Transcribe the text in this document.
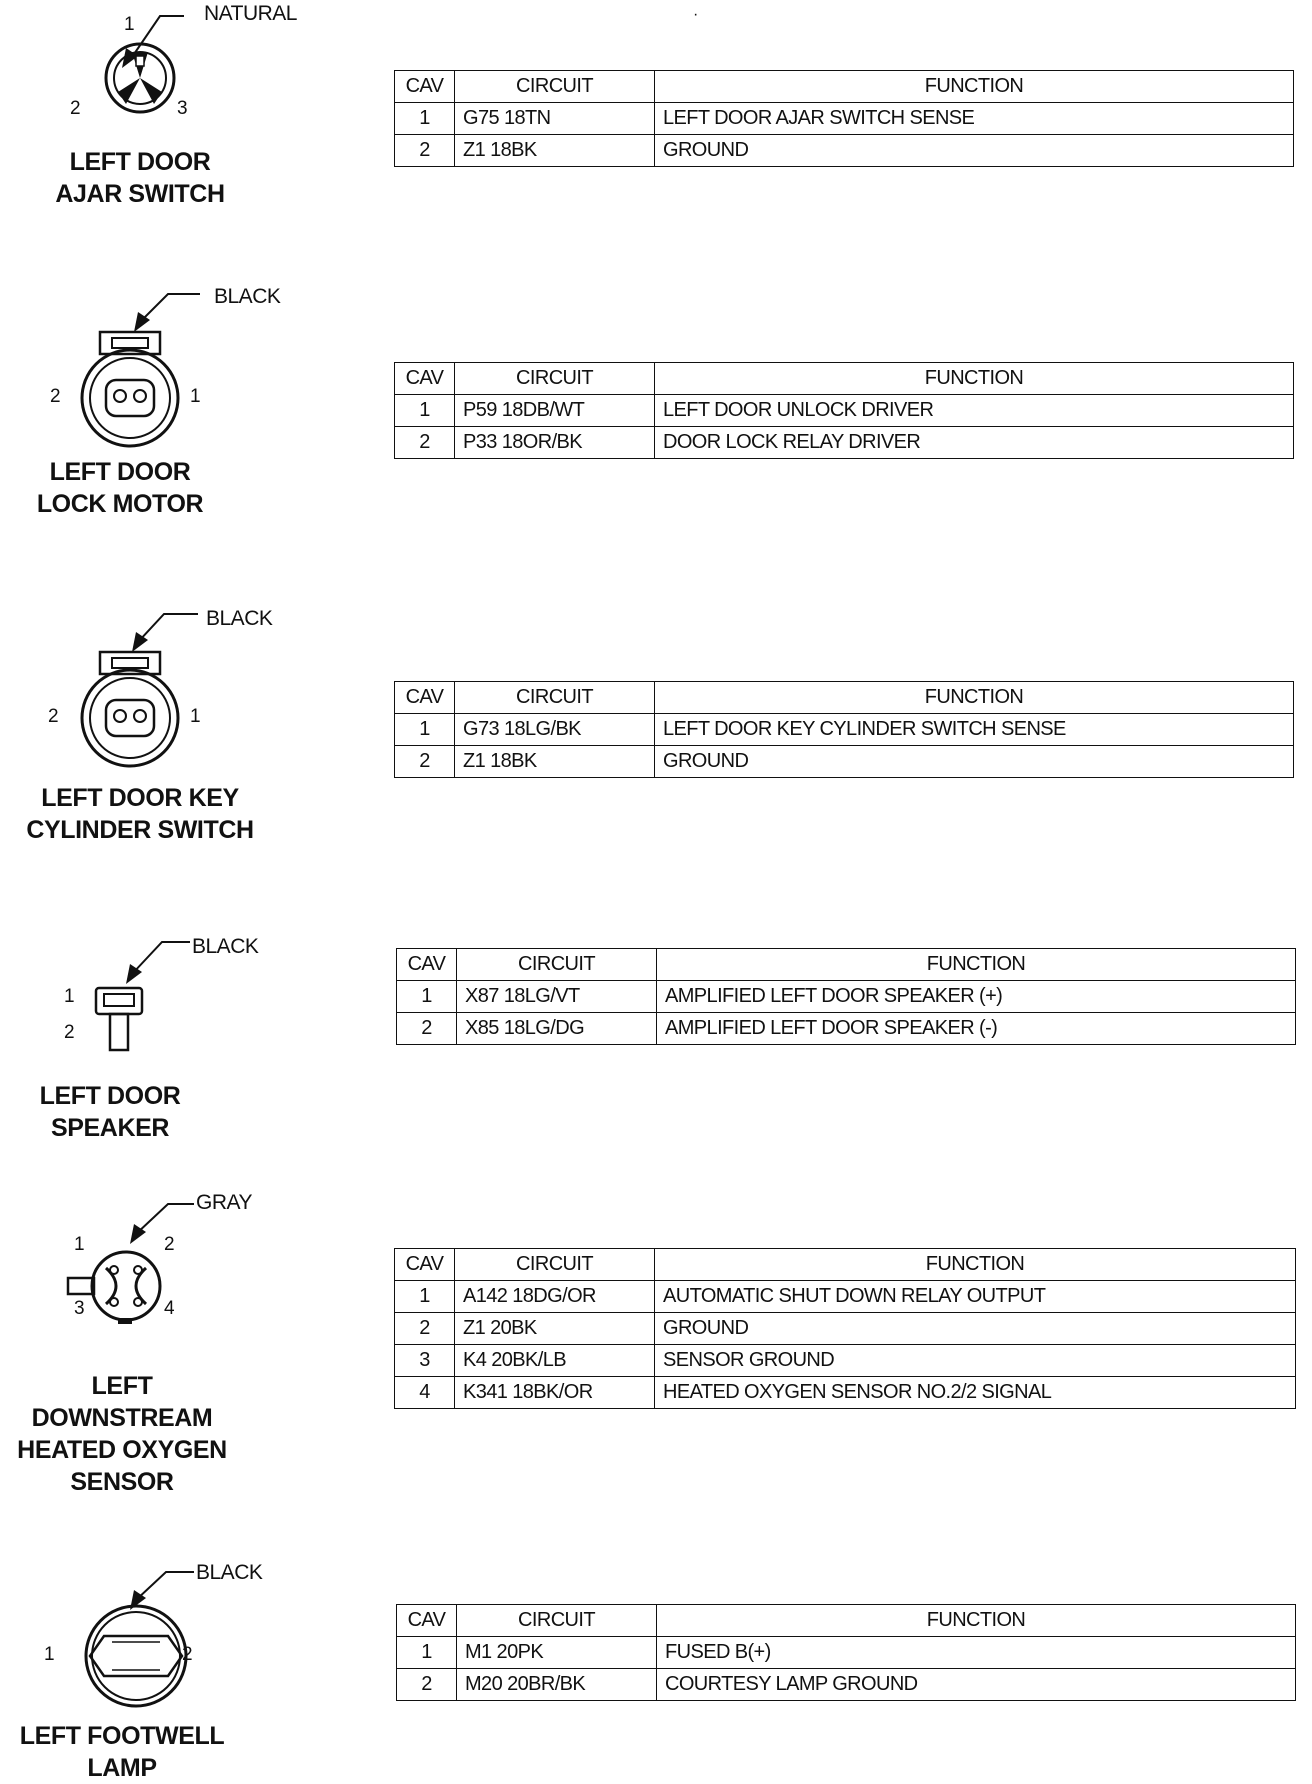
·
NATURAL
1
2	3
LEFT DOOR
AJAR SWITCH
CAV	CIRCUIT	FUNCTION
1	G75 18TN	LEFT DOOR AJAR SWITCH SENSE
2	Z1 18BK	GROUND
BLACK
2	1
LEFT DOOR
LOCK MOTOR
CAV	CIRCUIT	FUNCTION
1	P59 18DB/WT	LEFT DOOR UNLOCK DRIVER
2	P33 18OR/BK	DOOR LOCK RELAY DRIVER
BLACK
2	1
LEFT DOOR KEY
CYLINDER SWITCH
CAV	CIRCUIT	FUNCTION
1	G73 18LG/BK	LEFT DOOR KEY CYLINDER SWITCH SENSE
2	Z1 18BK	GROUND
BLACK
1
2
LEFT DOOR
SPEAKER
CAV	CIRCUIT	FUNCTION
1	X87 18LG/VT	AMPLIFIED LEFT DOOR SPEAKER (+)
2	X85 18LG/DG	AMPLIFIED LEFT DOOR SPEAKER (-)
GRAY
1	2
3	4
LEFT DOWNSTREAM
HEATED OXYGEN
SENSOR
CAV	CIRCUIT	FUNCTION
1	A142 18DG/OR	AUTOMATIC SHUT DOWN RELAY OUTPUT
2	Z1 20BK	GROUND
3	K4 20BK/LB	SENSOR GROUND
4	K341 18BK/OR	HEATED OXYGEN SENSOR NO.2/2 SIGNAL
BLACK
1	2
LEFT FOOTWELL
LAMP
CAV	CIRCUIT	FUNCTION
1	M1 20PK	FUSED B(+)
2	M20 20BR/BK	COURTESY LAMP GROUND
